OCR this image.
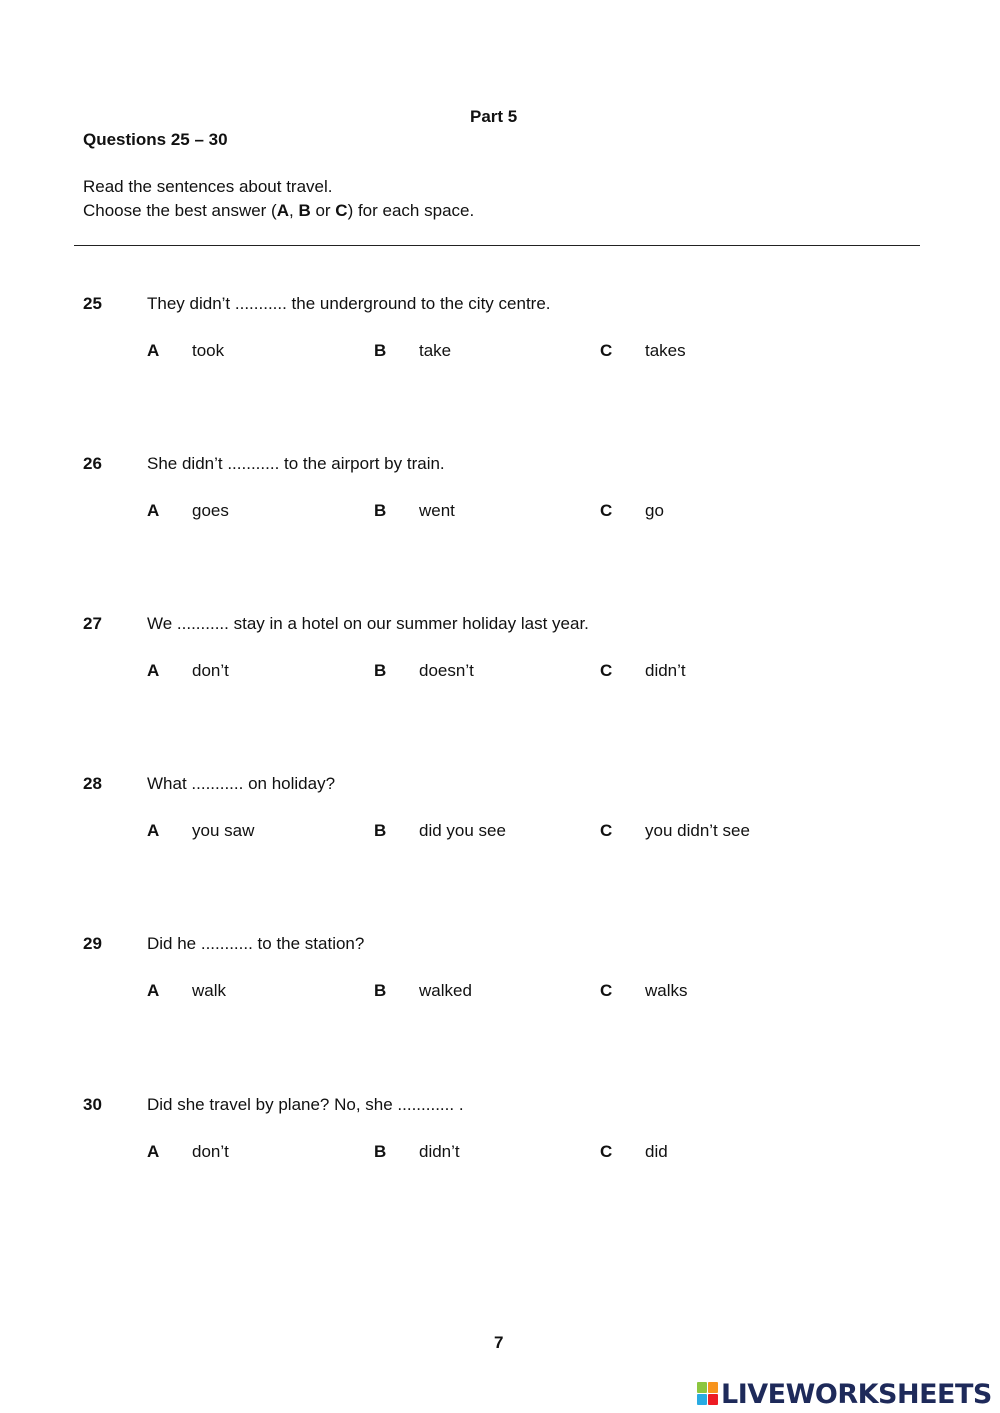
Part 5
Questions 25 – 30
Read the sentences about travel.
Choose the best answer (A, B or C) for each space.
25	They didn’t ........... the underground to the city centre.
A took	B take	C takes
26	She didn’t ........... to the airport by train.
A goes	B went	C go
27	We ........... stay in a hotel on our summer holiday last year.
A don’t	B doesn’t	C didn’t
28	What ........... on holiday?
A you saw	B did you see	C you didn’t see
29	Did he ........... to the station?
A walk	B walked	C walks
30	Did she travel by plane? No, she ............ .
A don’t	B didn’t	C did
7
LIVEWORKSHEETS
